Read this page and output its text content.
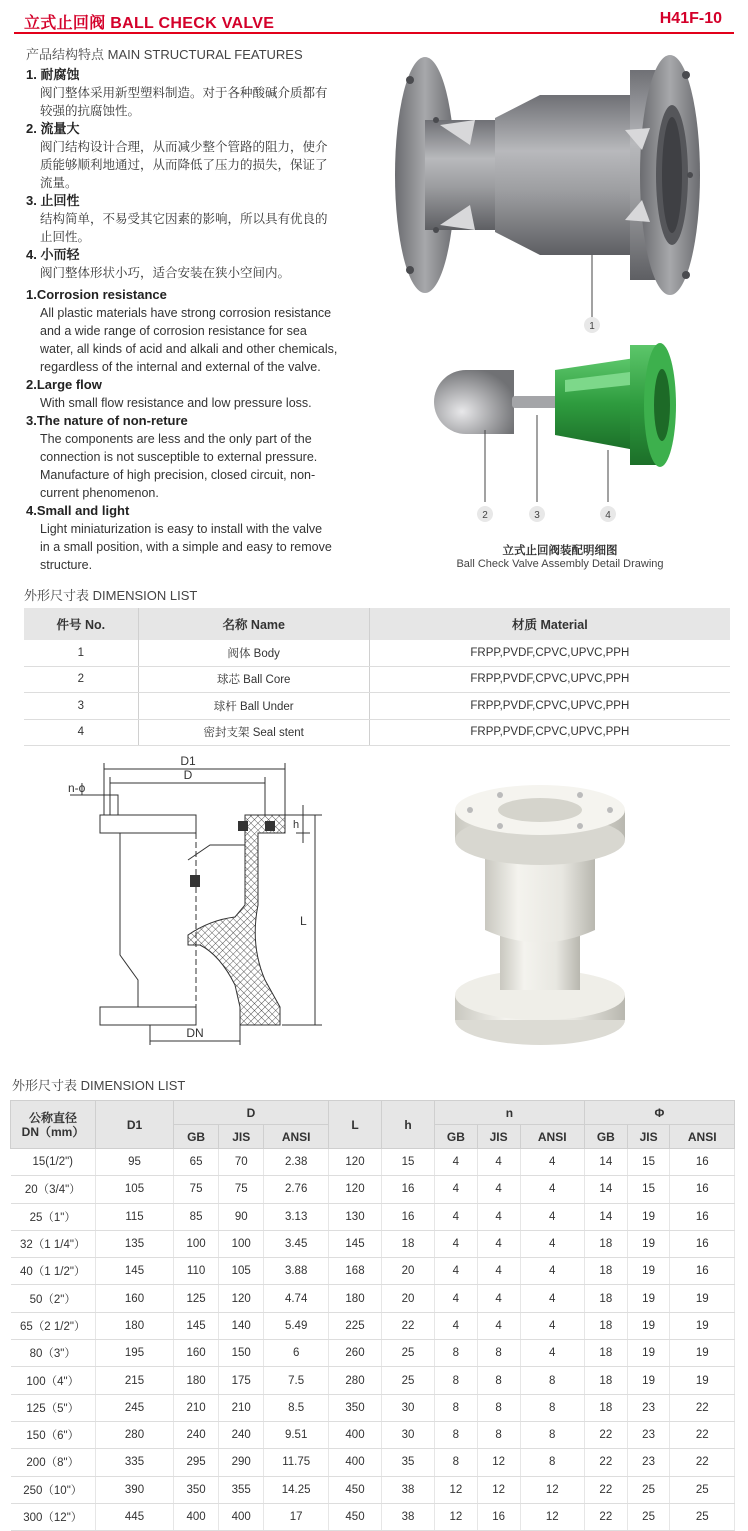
立式止回阀 BALL CHECK VALVE	H41F-10
产品结构特点 MAIN STRUCTURAL FEATURES
1. 耐腐蚀
阀门整体采用新型塑料制造。对于各种酸碱介质都有
较强的抗腐蚀性。
2. 流量大
阀门结构设计合理，从而减少整个管路的阻力，使介
质能够顺利地通过，从而降低了压力的损失，保证了
流量。
3. 止回性
结构简单，不易受其它因素的影响，所以具有优良的
止回性。
4. 小而轻
阀门整体形状小巧，适合安装在狭小空间内。
1.Corrosion resistance
All plastic materials have strong corrosion resistance
and a wide range of corrosion resistance for sea
water, all kinds of acid and alkali and other chemicals,
regardless of the internal and external of the valve.
2.Large flow
With small flow resistance and low pressure loss.
3.The nature of non-reture
The components are less and the only part of the
connection is not susceptible to external pressure.
Manufacture of high precision, closed circuit, non-
current phenomenon.
4.Small and light
Light miniaturization is easy to install with the valve
in a small position, with a simple and easy to remove
structure.
1
2	3	4
立式止回阀装配明细图
Ball Check Valve Assembly Detail Drawing
外形尺寸表 DIMENSION LIST
件号 No.	名称 Name	材质 Material
1	阀体 Body	FRPP,PVDF,CPVC,UPVC,PPH
2	球芯 Ball Core	FRPP,PVDF,CPVC,UPVC,PPH
3	球杆 Ball Under	FRPP,PVDF,CPVC,UPVC,PPH
4	密封支架 Seal stent	FRPP,PVDF,CPVC,UPVC,PPH
D1
D
n-ϕ
h
L
DN
外形尺寸表 DIMENSION LIST
公称直径
DN（mm）	D1	D			L	h	n			Φ		
		GB	JIS	ANSI			GB	JIS	ANSI	GB	JIS	ANSI
15(1/2")	95	65	70	2.38	120	15	4	4	4	14	15	16
20（3/4"）	105	75	75	2.76	120	16	4	4	4	14	15	16
25（1"）	115	85	90	3.13	130	16	4	4	4	14	19	16
32（1 1/4"）	135	100	100	3.45	145	18	4	4	4	18	19	16
40（1 1/2"）	145	110	105	3.88	168	20	4	4	4	18	19	16
50（2"）	160	125	120	4.74	180	20	4	4	4	18	19	19
65（2 1/2"）	180	145	140	5.49	225	22	4	4	4	18	19	19
80（3"）	195	160	150	6	260	25	8	8	4	18	19	19
100（4"）	215	180	175	7.5	280	25	8	8	8	18	19	19
125（5"）	245	210	210	8.5	350	30	8	8	8	18	23	22
150（6"）	280	240	240	9.51	400	30	8	8	8	22	23	22
200（8"）	335	295	290	11.75	400	35	8	12	8	22	23	22
250（10"）	390	350	355	14.25	450	38	12	12	12	22	25	25
300（12"）	445	400	400	17	450	38	12	16	12	22	25	25
